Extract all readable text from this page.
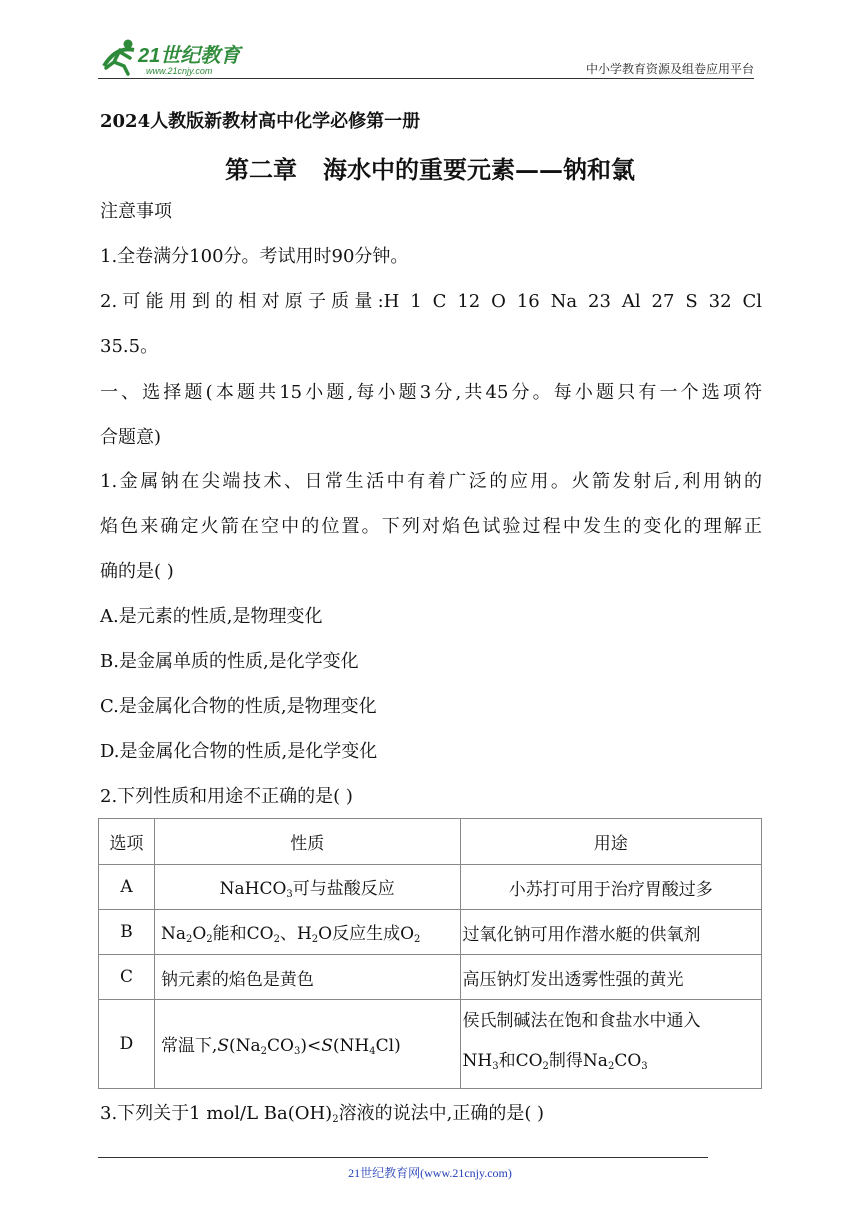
21世纪教育
www.21cnjy.com	中小学教育资源及组卷应用平台
2024人教版新教材高中化学必修第一册
第二章 海水中的重要元素——钠和氯
注意事项
1.全卷满分100分。考试用时90分钟。
2.可能用到的相对原子质量:H 1 C 12 O 16 Na 23 Al 27 S 32 Cl
35.5。
一、选择题(本题共15小题,每小题3分,共45分。每小题只有一个选项符
合题意)
1.金属钠在尖端技术、日常生活中有着广泛的应用。火箭发射后,利用钠的
焰色来确定火箭在空中的位置。下列对焰色试验过程中发生的变化的理解正
确的是( )
A.是元素的性质,是物理变化
B.是金属单质的性质,是化学变化
C.是金属化合物的性质,是物理变化
D.是金属化合物的性质,是化学变化
2.下列性质和用途不正确的是( )
选项	性质	用途
A	NaHCO$_3$可与盐酸反应	小苏打可用于治疗胃酸过多
B	$Na_2O_2$能和$CO_2$、$H_2O$反应生成$O_2$	过氧化钠可用作潜水艇的供氧剂
C	钠元素的焰色是黄色	高压钠灯发出透雾性强的黄光
D	常温下$,S(Na_2CO_3)<S(NH_4Cl)$	侯氏制碱法在饱和食盐水中通入
$NH_3$和$CO_2$制得$Na_2CO_3$
3.下列关于1 mol/L $Ba(OH)_2$溶液的说法中,正确的是( )
21世纪教育网(www.21cnjy.com)
